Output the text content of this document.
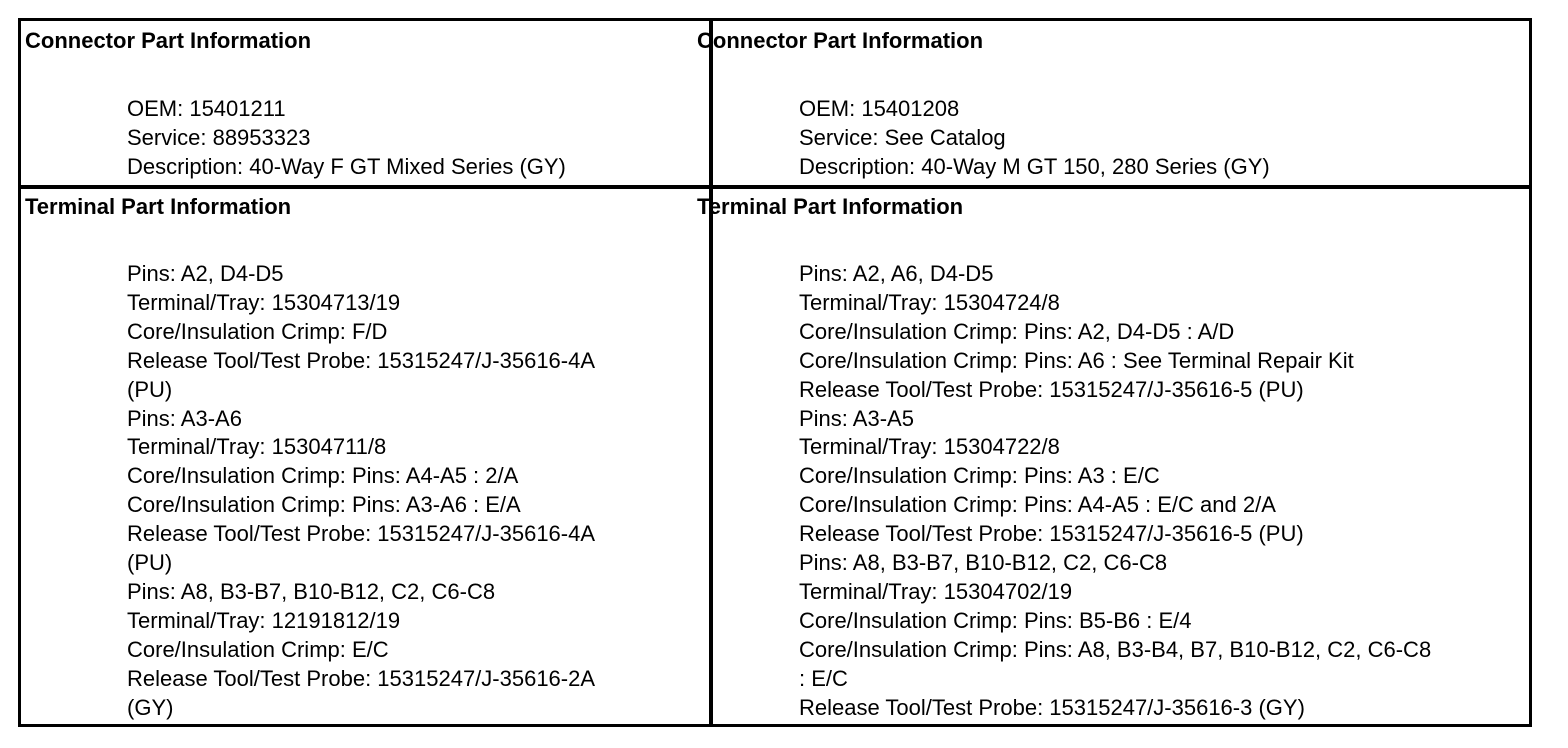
Connector Part Information

OEM: 15401211
Service: 88953323
Description: 40-Way F GT Mixed Series (GY)

Connector Part Information

OEM: 15401208
Service: See Catalog
Description: 40-Way M GT 150, 280 Series (GY)

Terminal Part Information

Pins: A2, D4-D5
Terminal/Tray: 15304713/19
Core/Insulation Crimp: F/D
Release Tool/Test Probe: 15315247/J-35616-4A
(PU)
Pins: A3-A6
Terminal/Tray: 15304711/8
Core/Insulation Crimp: Pins: A4-A5 : 2/A
Core/Insulation Crimp: Pins: A3-A6 : E/A
Release Tool/Test Probe: 15315247/J-35616-4A
(PU)
Pins: A8, B3-B7, B10-B12, C2, C6-C8
Terminal/Tray: 12191812/19
Core/Insulation Crimp: E/C
Release Tool/Test Probe: 15315247/J-35616-2A
(GY)

Terminal Part Information

Pins: A2, A6, D4-D5
Terminal/Tray: 15304724/8
Core/Insulation Crimp: Pins: A2, D4-D5 : A/D
Core/Insulation Crimp: Pins: A6 : See Terminal Repair Kit
Release Tool/Test Probe: 15315247/J-35616-5 (PU)
Pins: A3-A5
Terminal/Tray: 15304722/8
Core/Insulation Crimp: Pins: A3 : E/C
Core/Insulation Crimp: Pins: A4-A5 : E/C and 2/A
Release Tool/Test Probe: 15315247/J-35616-5 (PU)
Pins: A8, B3-B7, B10-B12, C2, C6-C8
Terminal/Tray: 15304702/19
Core/Insulation Crimp: Pins: B5-B6 : E/4
Core/Insulation Crimp: Pins: A8, B3-B4, B7, B10-B12, C2, C6-C8
: E/C
Release Tool/Test Probe: 15315247/J-35616-3 (GY)
